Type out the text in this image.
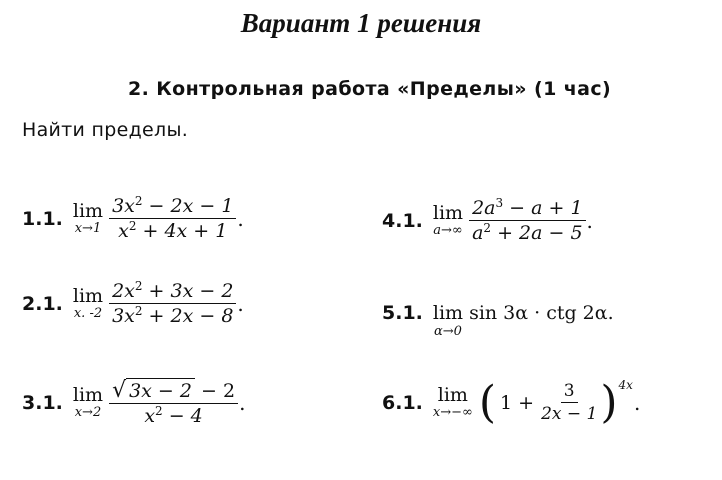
Вариант 1 решения
2. Контрольная работа «Пределы» (1 час)
Найти пределы.
1.1. lim
$x\to 1 \frac{3x^2 - 2x - 1}{x^2 + 4x + 1}$ .
2.1. lim
x. $-2 \frac{2x^2 + 3x - 2}{3x^2 + 2x - 8}$ .
3.1. lim
$x\to 2 \frac{√ 3x - 2 - 2}{x^2 - 4}$ .
4.1. lim
$a\to\infty \frac{2a^3 - a + 1}{a^2 + 2a - 5}$ .
5.1. lim
α→0
sin 3α · ctg 2α.
6.1. lim
x→−∞ ( $1 + \frac{3}{2x - 1}$ ) 4x
.
